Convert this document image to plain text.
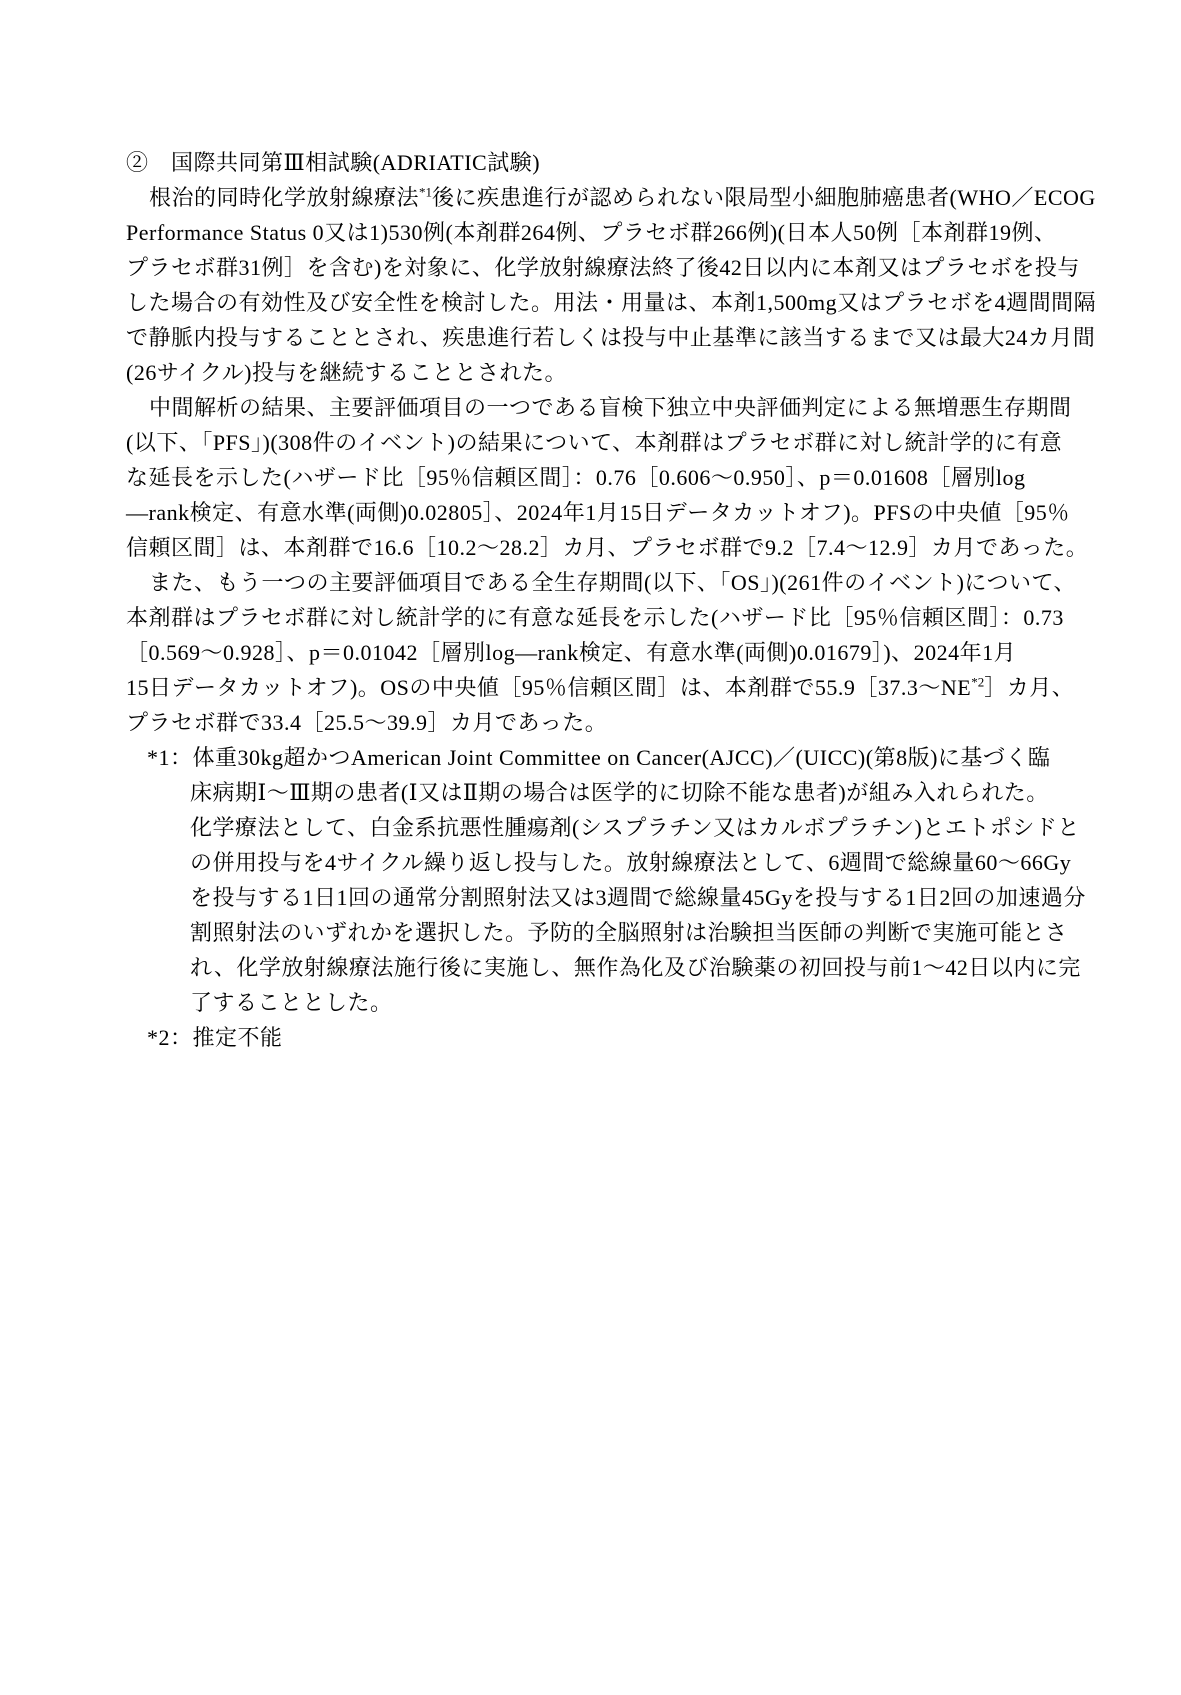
②　国際共同第Ⅲ相試験(ADRIATIC試験)
根治的同時化学放射線療法$^{*1}$後に疾患進行が認められない限局型小細胞肺癌患者(WHO／ECOG
Performance Status 0又は1)530例(本剤群264例、プラセボ群266例)(日本人50例［本剤群19例、
プラセボ群31例］を含む)を対象に、化学放射線療法終了後42日以内に本剤又はプラセボを投与
した場合の有効性及び安全性を検討した。用法・用量は、本剤1,500mg又はプラセボを4週間間隔
で静脈内投与することとされ、疾患進行若しくは投与中止基準に該当するまで又は最大24カ月間
(26サイクル)投与を継続することとされた。
中間解析の結果、主要評価項目の一つである盲検下独立中央評価判定による無増悪生存期間
(以下、「PFS」)(308件のイベント)の結果について、本剤群はプラセボ群に対し統計学的に有意
な延長を示した(ハザード比［95％信頼区間］：0.76［0.606～0.950］、p＝0.01608［層別log
―rank検定、有意水準(両側)0.02805］、2024年1月15日データカットオフ)。PFSの中央値［95％
信頼区間］は、本剤群で16.6［10.2～28.2］カ月、プラセボ群で9.2［7.4～12.9］カ月であった。
また、もう一つの主要評価項目である全生存期間(以下、「OS」)(261件のイベント)について、
本剤群はプラセボ群に対し統計学的に有意な延長を示した(ハザード比［95％信頼区間］：0.73
［0.569～0.928］、p＝0.01042［層別log―rank検定、有意水準(両側)0.01679］)、2024年1月
15日データカットオフ)。OSの中央値［95％信頼区間］は、本剤群で55.9［37.3～NE$^{*2}$］カ月、
プラセボ群で33.4［25.5～39.9］カ月であった。
*1：体重30kg超かつAmerican Joint Committee on Cancer(AJCC)／(UICC)(第8版)に基づく臨
床病期Ⅰ～Ⅲ期の患者(Ⅰ又はⅡ期の場合は医学的に切除不能な患者)が組み入れられた。
化学療法として、白金系抗悪性腫瘍剤(シスプラチン又はカルボプラチン)とエトポシドと
の併用投与を4サイクル繰り返し投与した。放射線療法として、6週間で総線量60～66Gy
を投与する1日1回の通常分割照射法又は3週間で総線量45Gyを投与する1日2回の加速過分
割照射法のいずれかを選択した。予防的全脳照射は治験担当医師の判断で実施可能とさ
れ、化学放射線療法施行後に実施し、無作為化及び治験薬の初回投与前1～42日以内に完
了することとした。
*2：推定不能
